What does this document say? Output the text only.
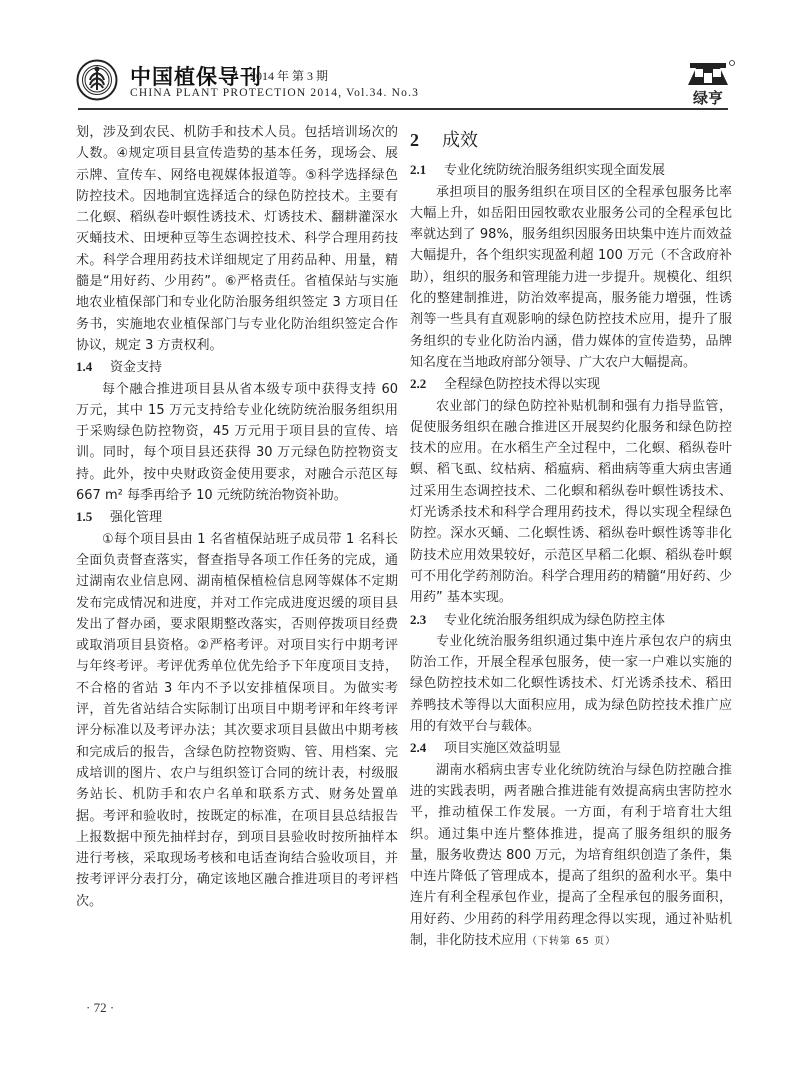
中国植保导刊
2014 年 第 3 期
CHINA PLANT PROTECTION 2014, Vol.34. No.3	绿亨

划，涉及到农民、机防手和技术人员。包括培训场次的人数。④规定项目县宣传造势的基本任务，现场会、展示牌、宣传车、网络电视媒体报道等。⑤科学选择绿色防控技术。因地制宜选择适合的绿色防控技术。主要有二化螟、稻纵卷叶螟性诱技术、灯诱技术、翻耕灌深水灭蛹技术、田埂种豆等生态调控技术、科学合理用药技术。科学合理用药技术详细规定了用药品种、用量，精髓是“用好药、少用药”。⑥严格责任。省植保站与实施地农业植保部门和专业化防治服务组织签定 3 方项目任务书，实施地农业植保部门与专业化防治组织签定合作协议，规定 3 方责权利。

1.4 资金支持

每个融合推进项目县从省本级专项中获得支持 60 万元，其中 15 万元支持给专业化统防统治服务组织用于采购绿色防控物资，45 万元用于项目县的宣传、培训。同时，每个项目县还获得 30 万元绿色防控物资支持。此外，按中央财政资金使用要求，对融合示范区每 667 m² 每季再给予 10 元统防统治物资补助。

1.5 强化管理

①每个项目县由 1 名省植保站班子成员带 1 名科长全面负责督查落实，督查指导各项工作任务的完成，通过湖南农业信息网、湖南植保植检信息网等媒体不定期发布完成情况和进度，并对工作完成进度迟缓的项目县发出了督办函，要求限期整改落实，否则停拨项目经费或取消项目县资格。②严格考评。对项目实行中期考评与年终考评。考评优秀单位优先给予下年度项目支持，不合格的省站 3 年内不予以安排植保项目。为做实考评，首先省站结合实际制订出项目中期考评和年终考评评分标准以及考评办法；其次要求项目县做出中期考核和完成后的报告，含绿色防控物资购、管、用档案、完成培训的图片、农户与组织签订合同的统计表，村级服务站长、机防手和农户名单和联系方式、财务处置单据。考评和验收时，按既定的标准，在项目县总结报告上报数据中预先抽样封存，到项目县验收时按所抽样本进行考核，采取现场考核和电话查询结合验收项目，并按考评评分表打分，确定该地区融合推进项目的考评档次。

2 成效
2.1 专业化统防统治服务组织实现全面发展

承担项目的服务组织在项目区的全程承包服务比率大幅上升，如岳阳田园牧歌农业服务公司的全程承包比率就达到了 98%，服务组织因服务田块集中连片而效益大幅提升，各个组织实现盈利超 100 万元（不含政府补助），组织的服务和管理能力进一步提升。规模化、组织化的整建制推进，防治效率提高，服务能力增强，性诱剂等一些具有直观影响的绿色防控技术应用，提升了服务组织的专业化防治内涵，借力媒体的宣传造势，品牌知名度在当地政府部分领导、广大农户大幅提高。

2.2 全程绿色防控技术得以实现

农业部门的绿色防控补贴机制和强有力指导监管，促使服务组织在融合推进区开展契约化服务和绿色防控技术的应用。在水稻生产全过程中，二化螟、稻纵卷叶螟、稻飞虱、纹枯病、稻瘟病、稻曲病等重大病虫害通过采用生态调控技术、二化螟和稻纵卷叶螟性诱技术、灯光诱杀技术和科学合理用药技术，得以实现全程绿色防控。深水灭蛹、二化螟性诱、稻纵卷叶螟性诱等非化防技术应用效果较好，示范区早稻二化螟、稻纵卷叶螟可不用化学药剂防治。科学合理用药的精髓“用好药、少用药” 基本实现。

2.3 专业化统治服务组织成为绿色防控主体

专业化统治服务组织通过集中连片承包农户的病虫防治工作，开展全程承包服务，使一家一户难以实施的绿色防控技术如二化螟性诱技术、灯光诱杀技术、稻田养鸭技术等得以大面积应用，成为绿色防控技术推广应用的有效平台与载体。

2.4 项目实施区效益明显

湖南水稻病虫害专业化统防统治与绿色防控融合推进的实践表明，两者融合推进能有效提高病虫害防控水平，推动植保工作发展。一方面，有利于培育壮大组织。通过集中连片整体推进，提高了服务组织的服务量，服务收费达 800 万元，为培育组织创造了条件，集中连片降低了管理成本，提高了组织的盈利水平。集中连片有利全程承包作业，提高了全程承包的服务面积，用好药、少用药的科学用药理念得以实现，通过补贴机制，非化防技术应用（下转第 65 页）

· 72 ·
